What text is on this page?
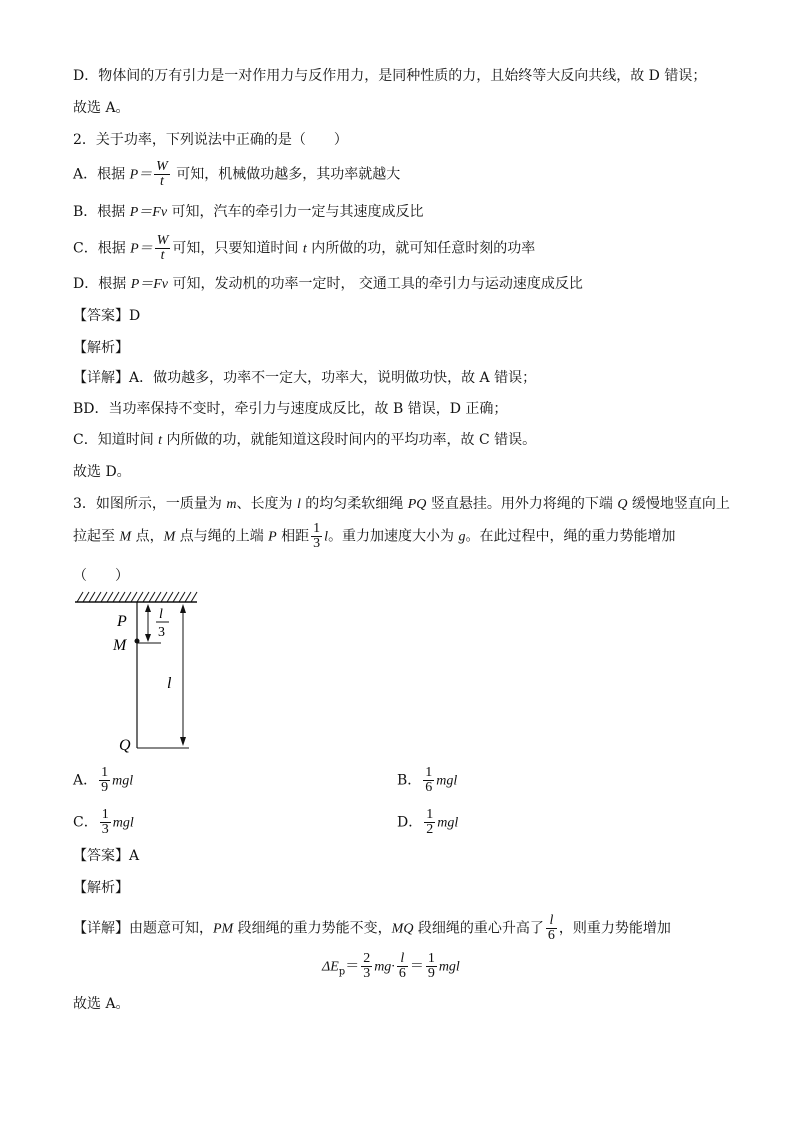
D．物体间的万有引力是一对作用力与反作用力，是同种性质的力，且始终等大反向共线，故 D 错误；
故选 A。
2．关于功率，下列说法中正确的是（　　）
A．根据 $P= \frac{W}{t}$ 可知，机械做功越多，其功率就越大
B．根据 P＝Fv 可知，汽车的牵引力一定与其速度成反比
C．根据 $P= \frac{W}{t}$ 可知，只要知道时间 t 内所做的功，就可知任意时刻的功率
D．根据 P＝Fv 可知，发动机的功率一定时， 交通工具的牵引力与运动速度成反比
【答案】D
【解析】
【详解】A．做功越多，功率不一定大，功率大，说明做功快，故 A 错误；
BD．当功率保持不变时，牵引力与速度成反比，故 B 错误，D 正确；
C．知道时间 t 内所做的功，就能知道这段时间内的平均功率，故 C 错误。
故选 D。
3．如图所示，一质量为 m、长度为 l 的均匀柔软细绳 PQ 竖直悬挂。用外力将绳的下端 Q 缓慢地竖直向上
拉起至 M 点，M 点与绳的上端 P 相距 $\frac{1}{3}$ l。重力加速度大小为 g。在此过程中，绳的重力势能增加
（　　）
P
M
Q
l
3
l
A． $\frac{1}{9}$ mgl	B． $\frac{1}{6}$ mgl
C． $\frac{1}{3}$ mgl	D． $\frac{1}{2}$ mgl
【答案】A
【解析】
【详解】由题意可知，PM 段细绳的重力势能不变，MQ 段细绳的重心升高了 $\frac{l}{6}$ ，则重力势能增加
$\Delta E_p= \frac{2}{3} mg\cdot \frac{l}{6} = \frac{1}{9}$ mgl
故选 A。
